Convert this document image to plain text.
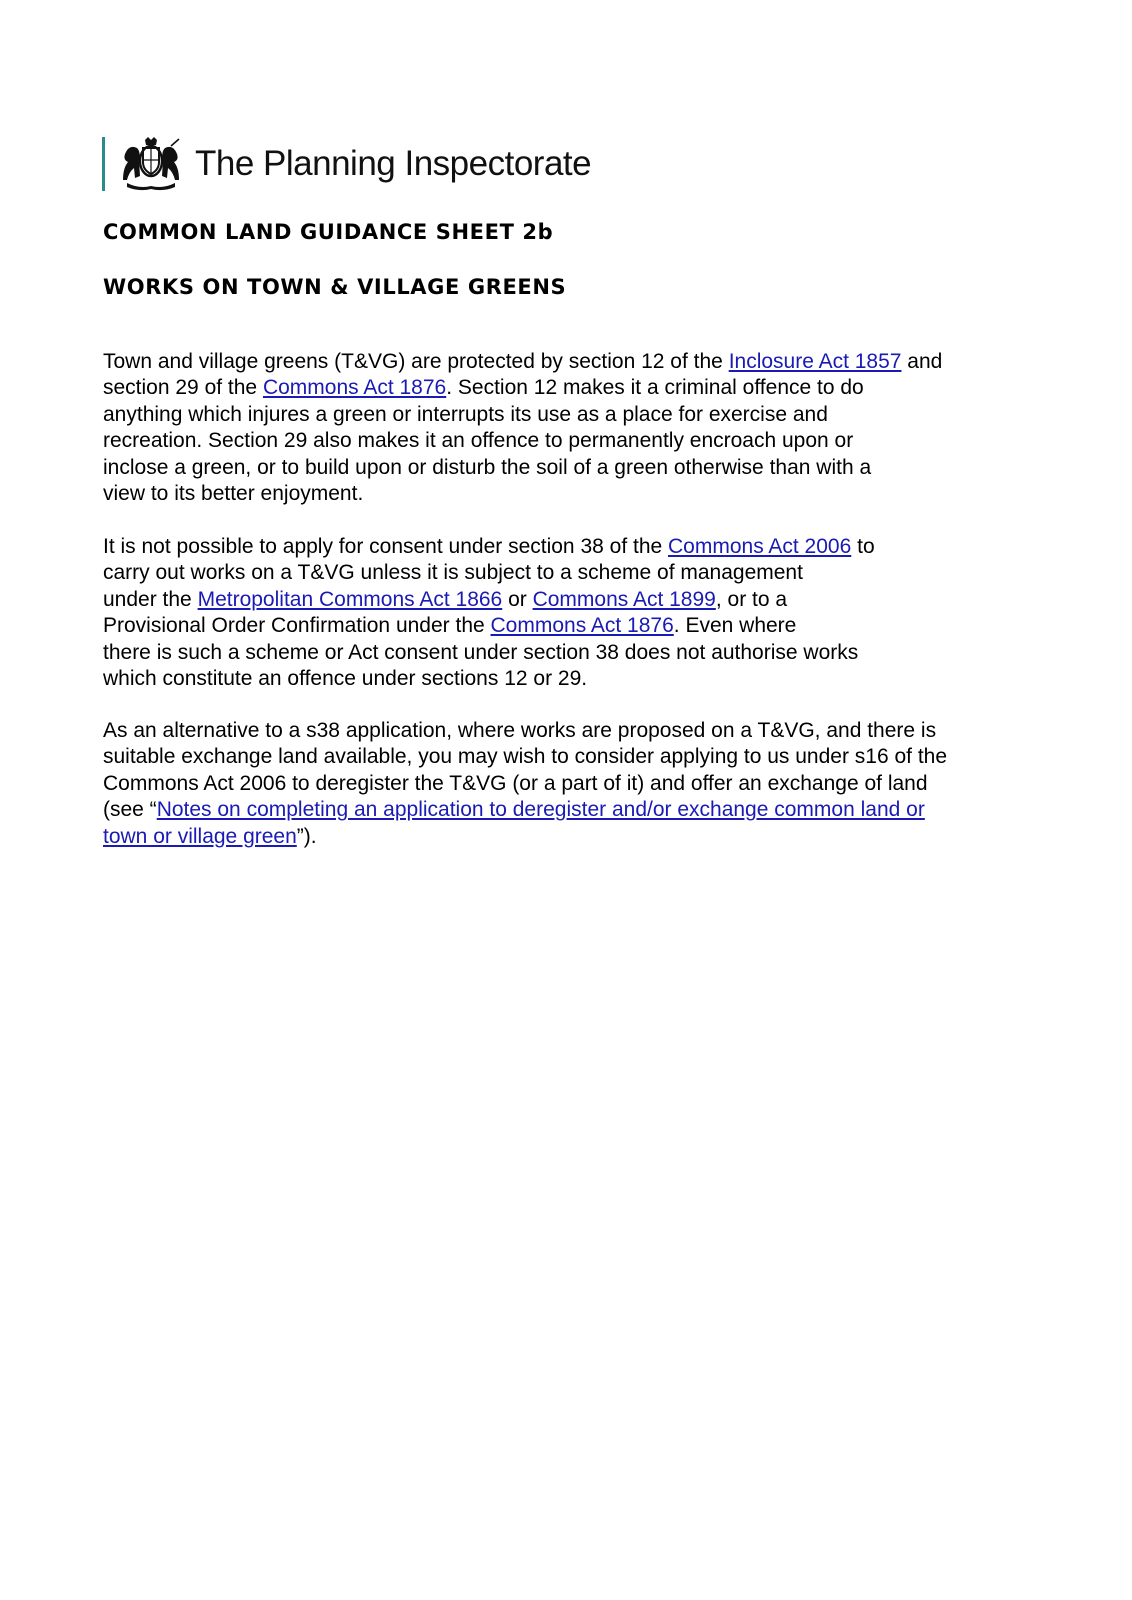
The Planning Inspectorate
COMMON LAND GUIDANCE SHEET 2b
WORKS ON TOWN & VILLAGE GREENS
Town and village greens (T&VG) are protected by section 12 of the Inclosure Act 1857 and
section 29 of the Commons Act 1876. Section 12 makes it a criminal offence to do
anything which injures a green or interrupts its use as a place for exercise and
recreation. Section 29 also makes it an offence to permanently encroach upon or
inclose a green, or to build upon or disturb the soil of a green otherwise than with a
view to its better enjoyment.
It is not possible to apply for consent under section 38 of the Commons Act 2006 to
carry out works on a T&VG unless it is subject to a scheme of management
under the Metropolitan Commons Act 1866 or Commons Act 1899, or to a
Provisional Order Confirmation under the Commons Act 1876. Even where
there is such a scheme or Act consent under section 38 does not authorise works
which constitute an offence under sections 12 or 29.
As an alternative to a s38 application, where works are proposed on a T&VG, and there is
suitable exchange land available, you may wish to consider applying to us under s16 of the
Commons Act 2006 to deregister the T&VG (or a part of it) and offer an exchange of land
(see “Notes on completing an application to deregister and/or exchange common land or
town or village green”).
